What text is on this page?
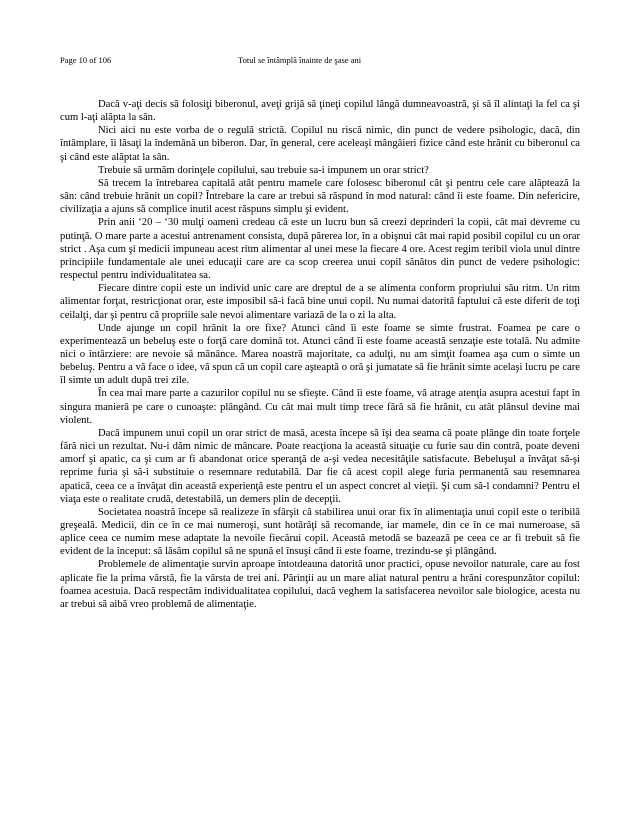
Page 10 of 106	Totul se întâmplă înainte de şase ani

Dacă v-aţi decis să folosiţi biberonul, aveţi grijă să ţineţi copilul lângă dumneavoastră, şi să îl alintaţi la fel ca şi cum l-aţi alăpta la sân.

Nici aici nu este vorba de o regulă strictă. Copilul nu riscă nimic, din punct de vedere psihologic, dacă, din întâmplare, îi lăsaţi la îndemână un biberon. Dar, în general, cere aceleaşi mângâieri fizice când este hrănit cu biberonul ca şi când este alăptat la sân.

Trebuie să urmăm dorinţele copilului, sau trebuie sa-i impunem un orar strict?

Să trecem la întrebarea capitală atât pentru mamele care folosesc biberonul cât şi pentru cele care alăptează la sân: când trebuie hrănit un copil? Întrebare la care ar trebui să răspund în mod natural: când îi este foame. Din nefericire, civilizaţia a ajuns să complice inutil acest răspuns simplu şi evident.

Prin anii ‘20 – ‘30 mulţi oameni credeau că este un lucru bun să creezi deprinderi la copii, cât mai devreme cu putinţă. O mare parte a acestui antrenament consista, după părerea lor, în a obişnui cât mai rapid posibil copilul cu un orar strict . Aşa cum şi medicii impuneau acest ritm alimentar al unei mese la fiecare 4 ore. Acest regim teribil viola unul dintre principiile fundamentale ale unei educaţii care are ca scop creerea unui copil sănătos din punct de vedere psihologic: respectul pentru individualitatea sa.

Fiecare dintre copii este un individ unic care are dreptul de a se alimenta conform propriului său ritm. Un ritm alimentar forţat, restricţionat orar, este imposibil să-i facă bine unui copil. Nu numai datorită faptului că este diferit de toţi ceilalţi, dar şi pentru că propriile sale nevoi alimentare variază de la o zi la alta.

Unde ajunge un copil hrănit la ore fixe? Atunci când îi este foame se simte frustrat. Foamea pe care o experimentează un bebeluş este o forţă care domină tot. Atunci când îi este foame această senzaţie este totală. Nu admite nici o întârziere: are nevoie să mănânce. Marea noastră majoritate, ca adulţi, nu am simţit foamea aşa cum o simte un bebeluş. Pentru a vă face o idee, vă spun că un copil care aşteaptă o oră şi jumatate să fie hrănit simte acelaşi lucru pe care îl simte un adult după trei zile.

În cea mai mare parte a cazurilor copilul nu se sfieşte. Când îi este foame, vă atrage atenţia asupra acestui fapt în singura manieră pe care o cunoaşte: plângând. Cu cât mai mult timp trece fără să fie hrănit, cu atât plânsul devine mai violent.

Dacă impunem unui copil un orar strict de masă, acesta începe să îşi dea seama că poate plânge din toate forţele fără nici un rezultat. Nu-i dăm nimic de mâncare. Poate reacţiona la această situaţie cu furie sau din contră, poate deveni amorf şi apatic, ca şi cum ar fi abandonat orice speranţă de a-şi vedea necesităţile satisfacute. Bebeluşul a învăţat să-şi reprime furia şi să-i substituie o resemnare redutabilă. Dar fie că acest copil alege furia permanentă sau resemnarea apatică, ceea ce a învăţat din această experienţă este pentru el un aspect concret al vieţii. Şi cum să-l condamni? Pentru el viaţa este o realitate crudă, detestabilă, un demers plin de decepţii.

Societatea noastră începe să realizeze în sfârşit că stabilirea unui orar fix în alimentaţia unui copil este o teribilă greşeală. Medicii, din ce în ce mai numeroşi, sunt hotărâţi să recomande, iar mamele, din ce în ce mai numeroase, să aplice ceea ce numim mese adaptate la nevoile fiecărui copil. Această metodă se bazează pe ceea ce ar fi trebuit să fie evident de la început: să lăsăm copilul să ne spună el însuşi când îi este foame, trezindu-se şi plângând.

Problemele de alimentaţie survin aproape întotdeauna datorită unor practici, opuse nevoilor naturale, care au fost aplicate fie la prima vârstă, fie la vârsta de trei ani. Părinţii au un mare aliat natural pentru a hrăni corespunzător copilul: foamea acestuia. Dacă respectăm individualitatea copilului, dacă veghem la satisfacerea nevoilor sale biologice, acesta nu ar trebui să aibă vreo problemă de alimentaţie.
